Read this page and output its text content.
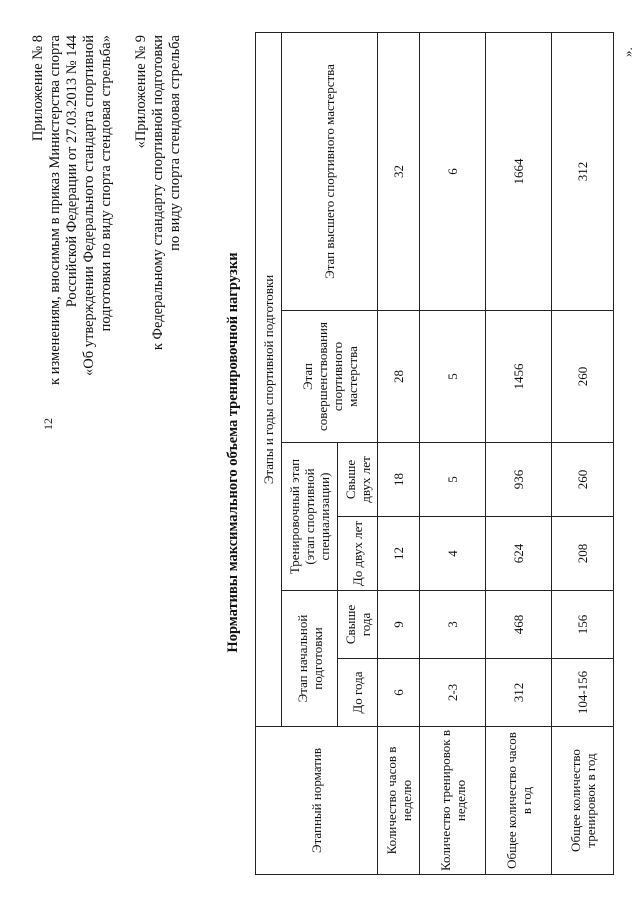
12
Приложение № 8 к изменениям, вносимым в приказ Министерства спорта Российской Федерации от 27.03.2013 № 144 «Об утверждении Федерального стандарта спортивной подготовки по виду спорта стендовая стрельба» «Приложение № 9 к Федеральному стандарту спортивной подготовки по виду спорта стендовая стрельба
Нормативы максимального объема тренировочной нагрузки
Этапный норматив	Этапы и годы спортивной подготовки					
	Этап начальной подготовки		Тренировочный этап (этап спортивной специализации)		Этап совершенствования спортивного мастерства	Этап высшего спортивного мастерства
	До года	Свыше года	До двух лет	Свыше двух лет		
Количество часов в неделю	6	9	12	18	28	32
Количество тренировок в неделю	2-3	3	4	5	5	6
Общее количество часов в год	312	468	624	936	1456	1664
Общее количество тренировок в год	104-156	156	208	260	260	312
».
